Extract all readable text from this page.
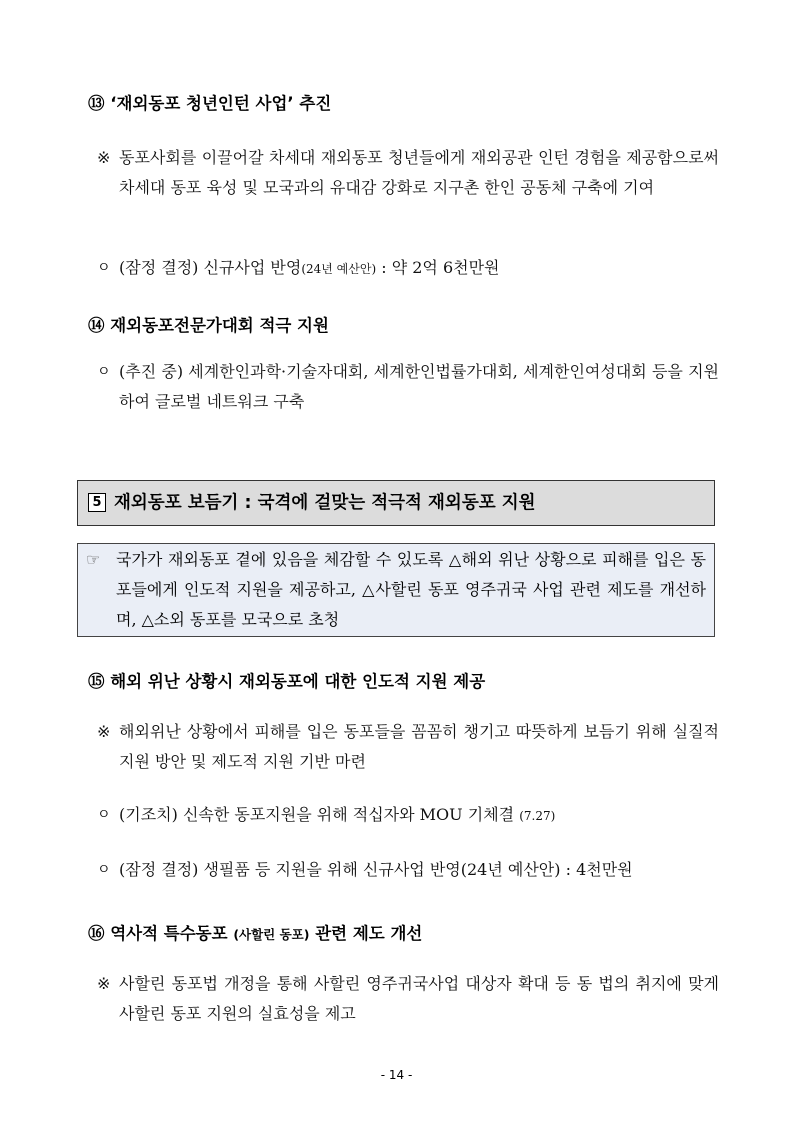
⑬ ‘재외동포 청년인턴 사업’ 추진
※ 동포사회를 이끌어갈 차세대 재외동포 청년들에게 재외공관 인턴 경험을 제공함으로써 차세대 동포 육성 및 모국과의 유대감 강화로 지구촌 한인 공동체 구축에 기여
ㅇ (잠정 결정) 신규사업 반영(24년 예산안) : 약 2억 6천만원
⑭ 재외동포전문가대회 적극 지원
ㅇ (추진 중) 세계한인과학·기술자대회, 세계한인법률가대회, 세계한인여성대회 등을 지원하여 글로벌 네트워크 구축
5 재외동포 보듬기 : 국격에 걸맞는 적극적 재외동포 지원
☞ 국가가 재외동포 곁에 있음을 체감할 수 있도록 △해외 위난 상황으로 피해를 입은 동포들에게 인도적 지원을 제공하고, △사할린 동포 영주귀국 사업 관련 제도를 개선하며, △소외 동포를 모국으로 초청
⑮ 해외 위난 상황시 재외동포에 대한 인도적 지원 제공
※ 해외위난 상황에서 피해를 입은 동포들을 꼼꼼히 챙기고 따뜻하게 보듬기 위해 실질적 지원 방안 및 제도적 지원 기반 마련
ㅇ (기조치) 신속한 동포지원을 위해 적십자와 MOU 기체결 (7.27)
ㅇ (잠정 결정) 생필품 등 지원을 위해 신규사업 반영(24년 예산안) : 4천만원
⑯ 역사적 특수동포 (사할린 동포) 관련 제도 개선
※ 사할린 동포법 개정을 통해 사할린 영주귀국사업 대상자 확대 등 동 법의 취지에 맞게 사할린 동포 지원의 실효성을 제고
- 14 -
